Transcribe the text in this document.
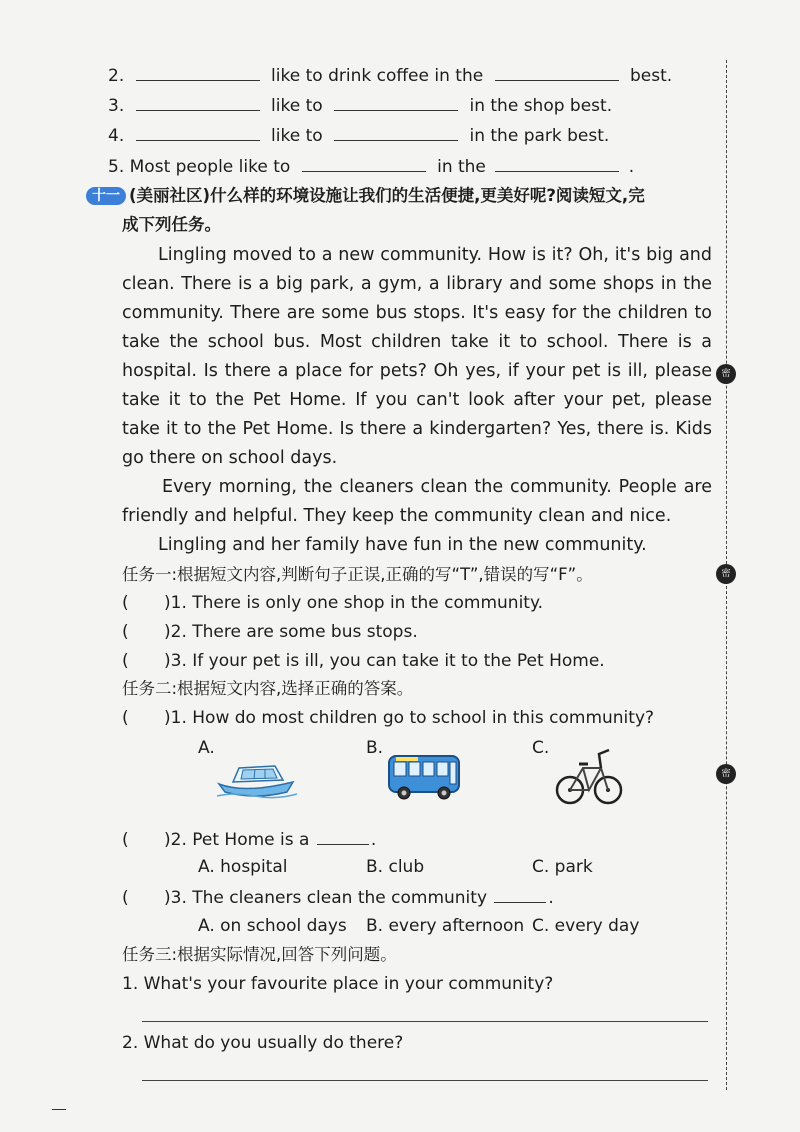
2.	like to drink coffee in the	best.
3.	like to	in the shop best.
4.	like to	in the park best.
5. Most people like to	in the	.
十一 (美丽社区)什么样的环境设施让我们的生活便捷,更美好呢?阅读短文,完
成下列任务。

Lingling moved to a new community. How is it? Oh, it's big and clean. There is a big park, a gym, a library and some shops in the community. There are some bus stops. It's easy for the children to take the school bus. Most children take it to school. There is a hospital. Is there a place for pets? Oh yes, if your pet is ill, please take it to the Pet Home. If you can't look after your pet, please take it to the Pet Home. Is there a kindergarten? Yes, there is. Kids go there on school days.

Every morning, the cleaners clean the community. People are friendly and helpful. They keep the community clean and nice.

Lingling and her family have fun in the new community.

任务一:根据短文内容,判断句子正误,正确的写“T”,错误的写“F”。
( )1. There is only one shop in the community.
( )2. There are some bus stops.
( )3. If your pet is ill, you can take it to the Pet Home.
任务二:根据短文内容,选择正确的答案。
( )1. How do most children go to school in this community?
A.	B.	C.
( )2. Pet Home is a	.
A. hospital	B. club	C. park
( )3. The cleaners clean the community	.
A. on school days B. every afternoon C. every day
任务三:根据实际情况,回答下列问题。
1. What's your favourite place in your community?
2. What do you usually do there?
密
密
密
